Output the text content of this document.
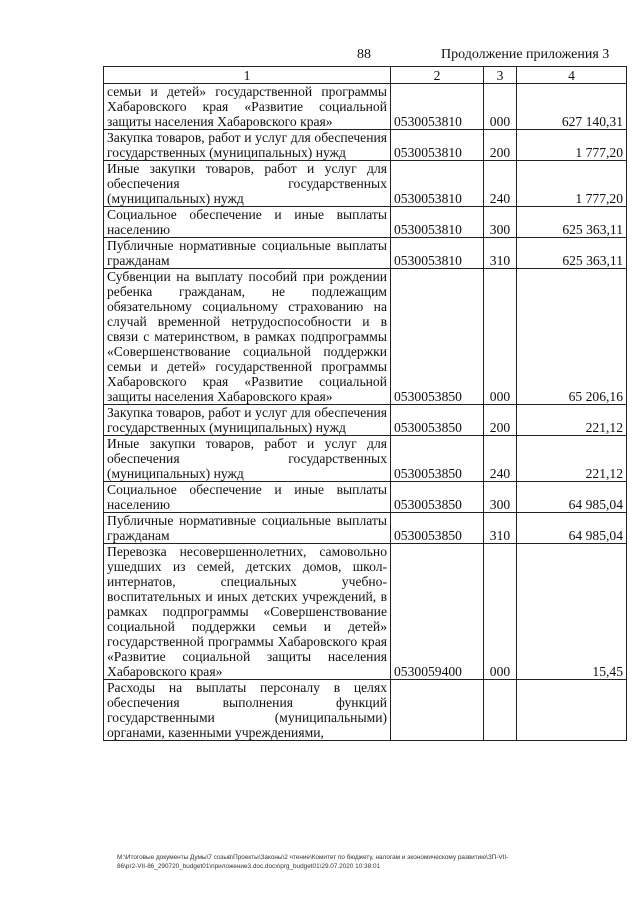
88	Продолжение приложения 3
1	2	3	4
семьи и детей» государственной программы Хабаровского края «Развитие социальной защиты населения Хабаровского края»	0530053810	000	627 140,31
Закупка товаров, работ и услуг для обеспечения государственных (муниципальных) нужд	0530053810	200	1 777,20
Иные закупки товаров, работ и услуг для обеспечения государственных (муниципальных) нужд	0530053810	240	1 777,20
Социальное обеспечение и иные выплаты населению	0530053810	300	625 363,11
Публичные нормативные социальные выплаты гражданам	0530053810	310	625 363,11
Субвенции на выплату пособий при рождении ребенка гражданам, не подлежащим обязательному социальному страхованию на случай временной нетрудоспособности и в связи с материнством, в рамках подпрограммы «Совершенствование социальной поддержки семьи и детей» государственной программы Хабаровского края «Развитие социальной защиты населения Хабаровского края»	0530053850	000	65 206,16
Закупка товаров, работ и услуг для обеспечения государственных (муниципальных) нужд	0530053850	200	221,12
Иные закупки товаров, работ и услуг для обеспечения государственных (муниципальных) нужд	0530053850	240	221,12
Социальное обеспечение и иные выплаты населению	0530053850	300	64 985,04
Публичные нормативные социальные выплаты гражданам	0530053850	310	64 985,04
Перевозка несовершеннолетних, самовольно ушедших из семей, детских домов, школ-интернатов, специальных учебно-воспитательных и иных детских учреждений, в рамках подпрограммы «Совершенствование социальной поддержки семьи и детей» государственной программы Хабаровского края «Развитие социальной защиты населения Хабаровского края»	0530059400	000	15,45
Расходы на выплаты персоналу в целях обеспечения выполнения функций государственными (муниципальными) органами, казенными учреждениями,			
M:\Итоговые документы Думы\7 созыв\Проекты\Законы\2 чтение\Комитет по бюджету, налогам и экономическому развитию\ЗП-VII-86\pr2-VII-86_290720_budget01\приложение3.doc.docx\prg_budget01\29.07.2020 10:38:01
